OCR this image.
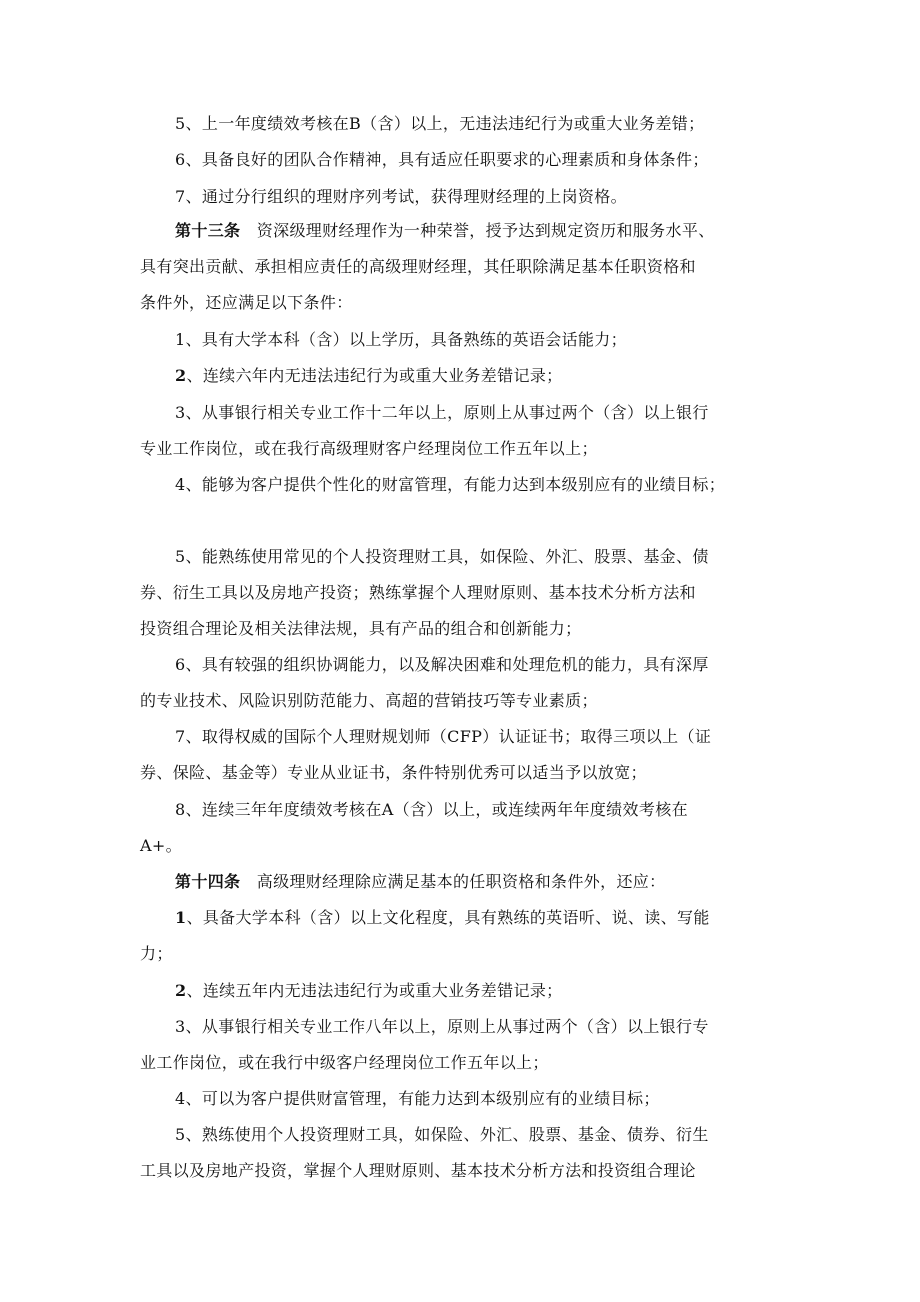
5、上一年度绩效考核在B（含）以上，无违法违纪行为或重大业务差错；
6、具备良好的团队合作精神，具有适应任职要求的心理素质和身体条件；
7、通过分行组织的理财序列考试，获得理财经理的上岗资格。
第十三条　资深级理财经理作为一种荣誉，授予达到规定资历和服务水平、
具有突出贡献、承担相应责任的高级理财经理，其任职除满足基本任职资格和
条件外，还应满足以下条件：
1、具有大学本科（含）以上学历，具备熟练的英语会话能力；
2、连续六年内无违法违纪行为或重大业务差错记录；
3、从事银行相关专业工作十二年以上，原则上从事过两个（含）以上银行
专业工作岗位，或在我行高级理财客户经理岗位工作五年以上；
4、能够为客户提供个性化的财富管理，有能力达到本级别应有的业绩目标；
5、能熟练使用常见的个人投资理财工具，如保险、外汇、股票、基金、债
券、衍生工具以及房地产投资；熟练掌握个人理财原则、基本技术分析方法和
投资组合理论及相关法律法规，具有产品的组合和创新能力；
6、具有较强的组织协调能力，以及解决困难和处理危机的能力，具有深厚
的专业技术、风险识别防范能力、高超的营销技巧等专业素质；
7、取得权威的国际个人理财规划师（CFP）认证证书；取得三项以上（证
券、保险、基金等）专业从业证书，条件特别优秀可以适当予以放宽；
8、连续三年年度绩效考核在A（含）以上，或连续两年年度绩效考核在
A+。
第十四条　高级理财经理除应满足基本的任职资格和条件外，还应：
1、具备大学本科（含）以上文化程度，具有熟练的英语听、说、读、写能
力；
2、连续五年内无违法违纪行为或重大业务差错记录；
3、从事银行相关专业工作八年以上，原则上从事过两个（含）以上银行专
业工作岗位，或在我行中级客户经理岗位工作五年以上；
4、可以为客户提供财富管理，有能力达到本级别应有的业绩目标；
5、熟练使用个人投资理财工具，如保险、外汇、股票、基金、债券、衍生
工具以及房地产投资，掌握个人理财原则、基本技术分析方法和投资组合理论
